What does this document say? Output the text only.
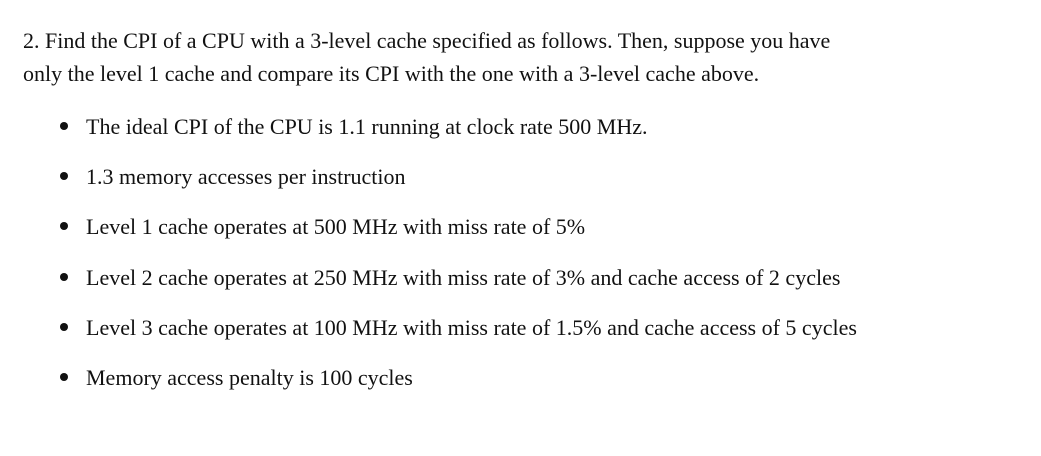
2. Find the CPI of a CPU with a 3-level cache specified as follows. Then, suppose you have
only the level 1 cache and compare its CPI with the one with a 3-level cache above.

The ideal CPI of the CPU is 1.1 running at clock rate 500 MHz.
1.3 memory accesses per instruction
Level 1 cache operates at 500 MHz with miss rate of 5%
Level 2 cache operates at 250 MHz with miss rate of 3% and cache access of 2 cycles
Level 3 cache operates at 100 MHz with miss rate of 1.5% and cache access of 5 cycles
Memory access penalty is 100 cycles
